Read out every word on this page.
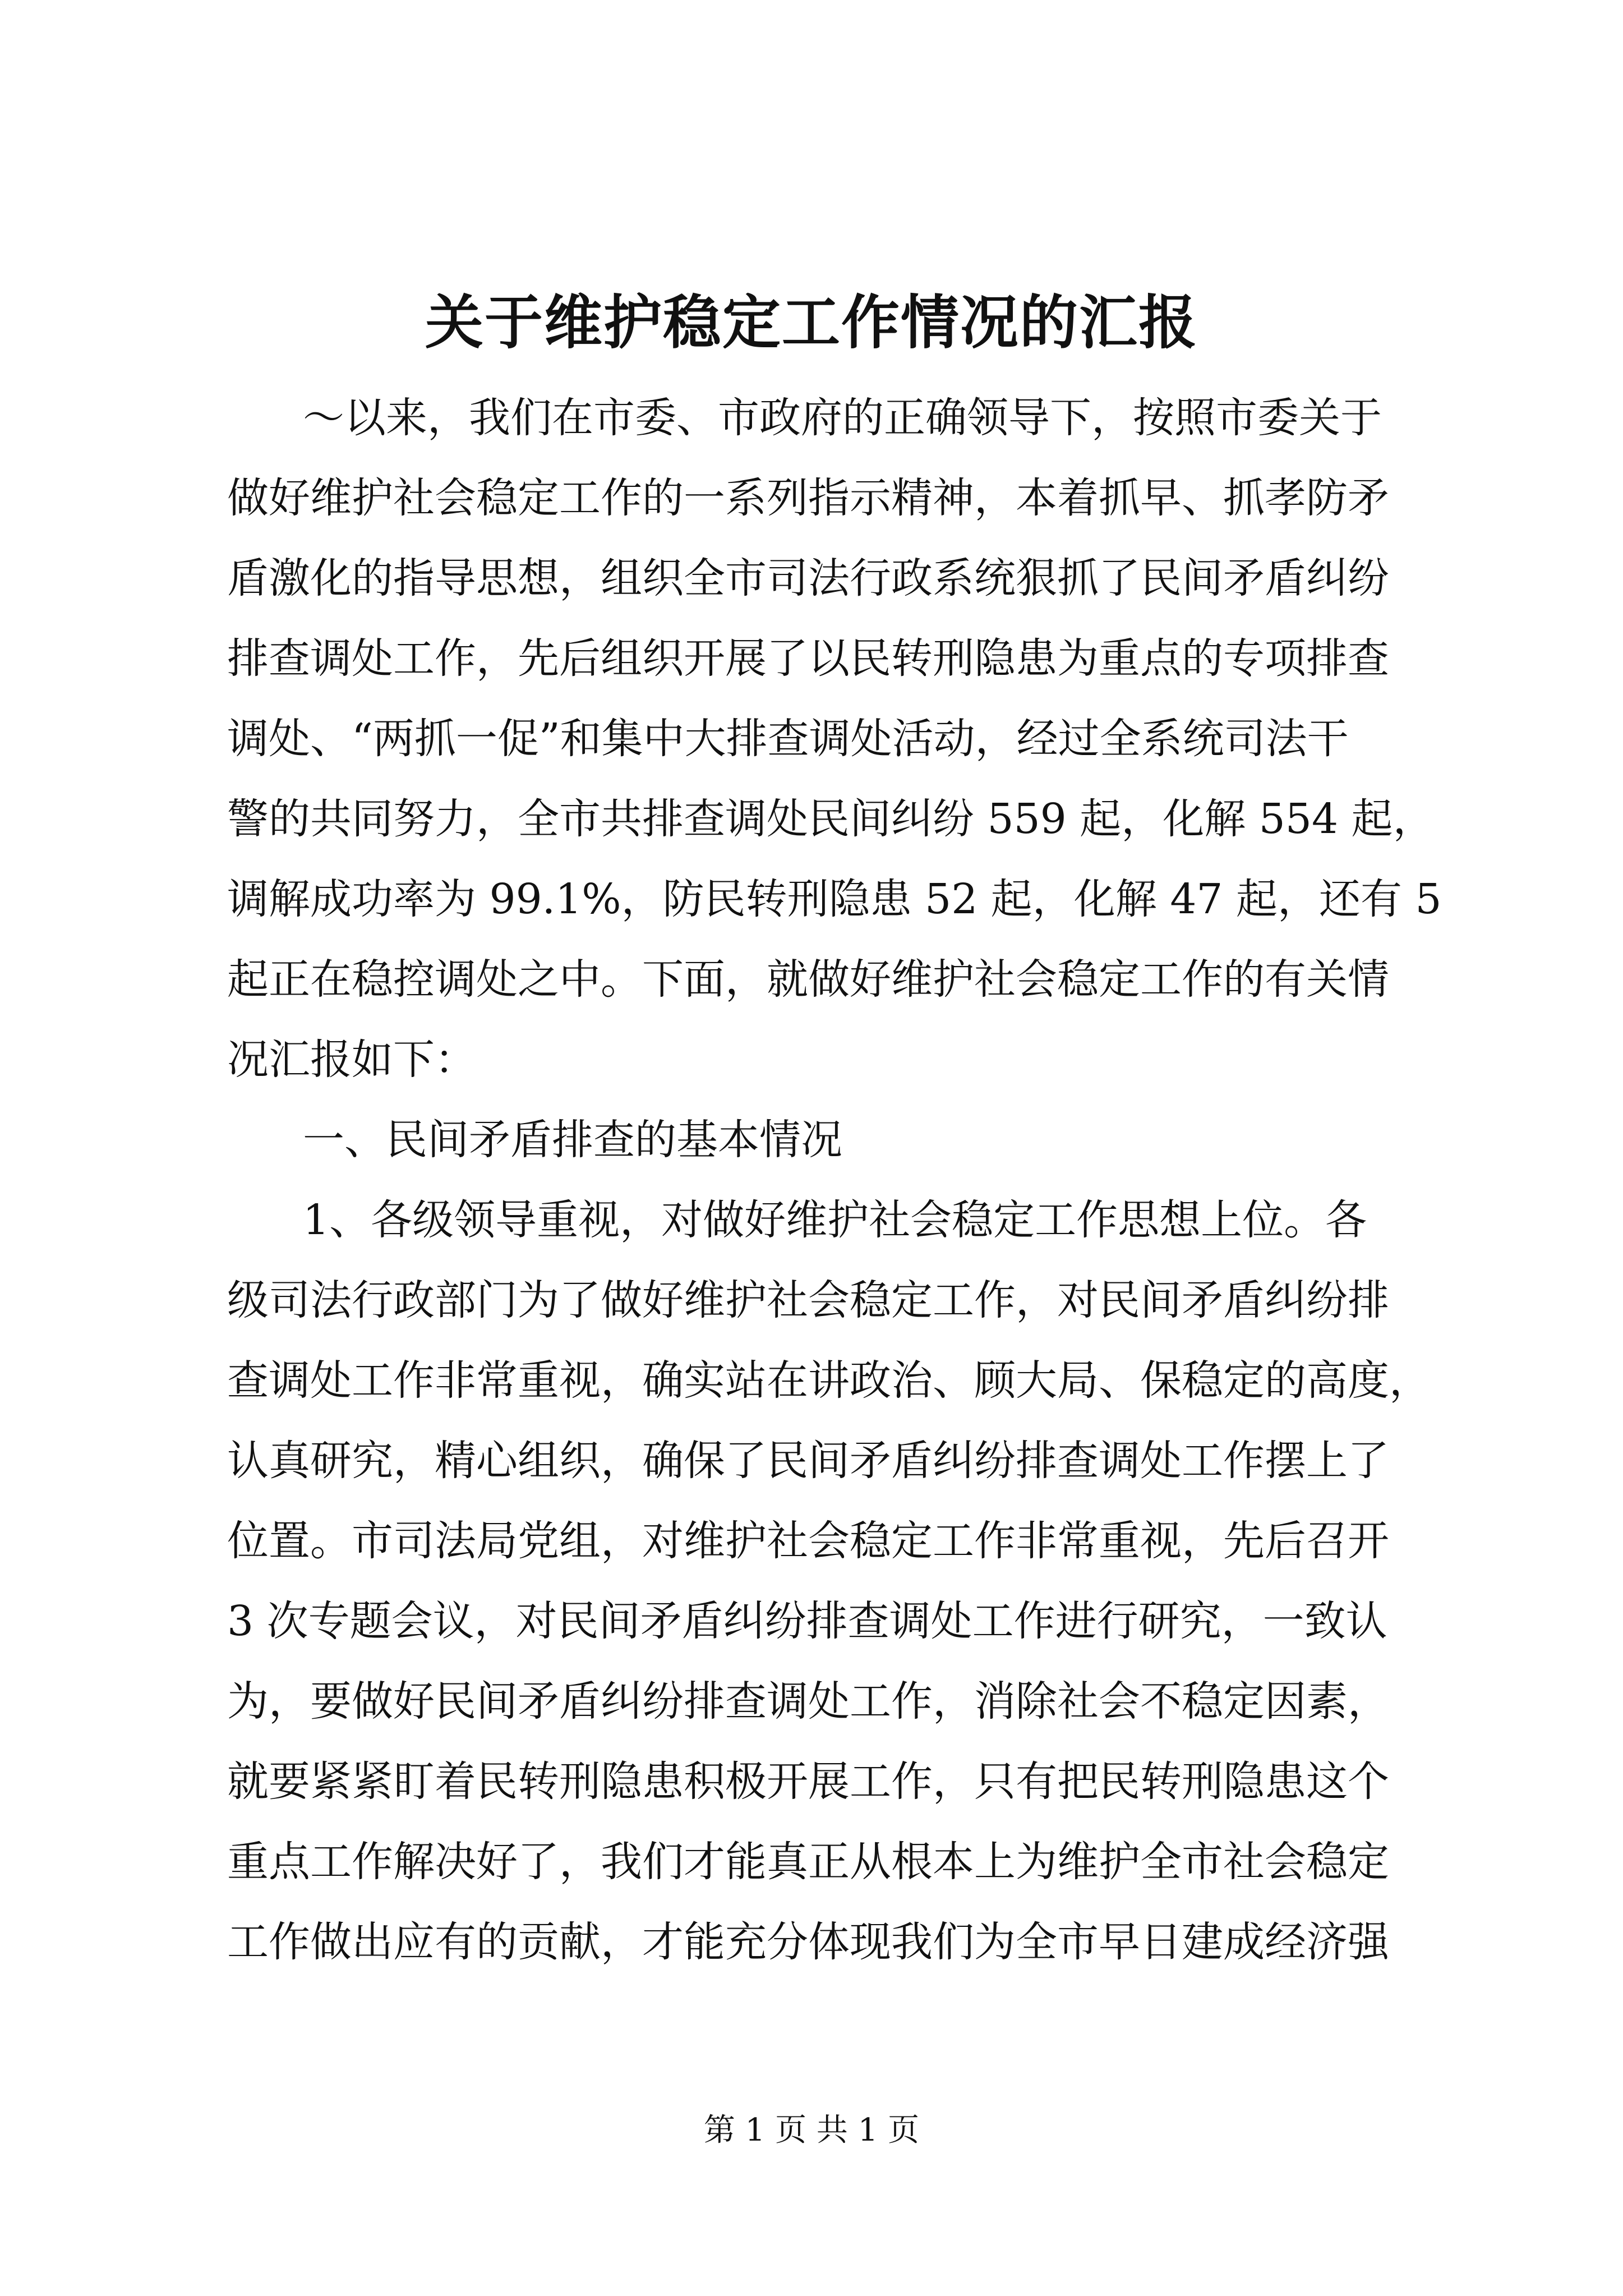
关于维护稳定工作情况的汇报
～以来，我们在市委、市政府的正确领导下，按照市委关于
做好维护社会稳定工作的一系列指示精神，本着抓早、抓孝防矛
盾激化的指导思想，组织全市司法行政系统狠抓了民间矛盾纠纷
排查调处工作，先后组织开展了以民转刑隐患为重点的专项排查
调处、“两抓一促”和集中大排查调处活动，经过全系统司法干
警的共同努力，全市共排查调处民间纠纷 559 起，化解 554 起，
调解成功率为 99.1%，防民转刑隐患 52 起，化解 47 起，还有 5
起正在稳控调处之中。下面，就做好维护社会稳定工作的有关情
况汇报如下：
一、民间矛盾排查的基本情况
1、各级领导重视，对做好维护社会稳定工作思想上位。各
级司法行政部门为了做好维护社会稳定工作，对民间矛盾纠纷排
查调处工作非常重视，确实站在讲政治、顾大局、保稳定的高度，
认真研究，精心组织，确保了民间矛盾纠纷排查调处工作摆上了
位置。市司法局党组，对维护社会稳定工作非常重视，先后召开
3 次专题会议，对民间矛盾纠纷排查调处工作进行研究，一致认
为，要做好民间矛盾纠纷排查调处工作，消除社会不稳定因素，
就要紧紧盯着民转刑隐患积极开展工作，只有把民转刑隐患这个
重点工作解决好了，我们才能真正从根本上为维护全市社会稳定
工作做出应有的贡献，才能充分体现我们为全市早日建成经济强
第 1 页 共 1 页
